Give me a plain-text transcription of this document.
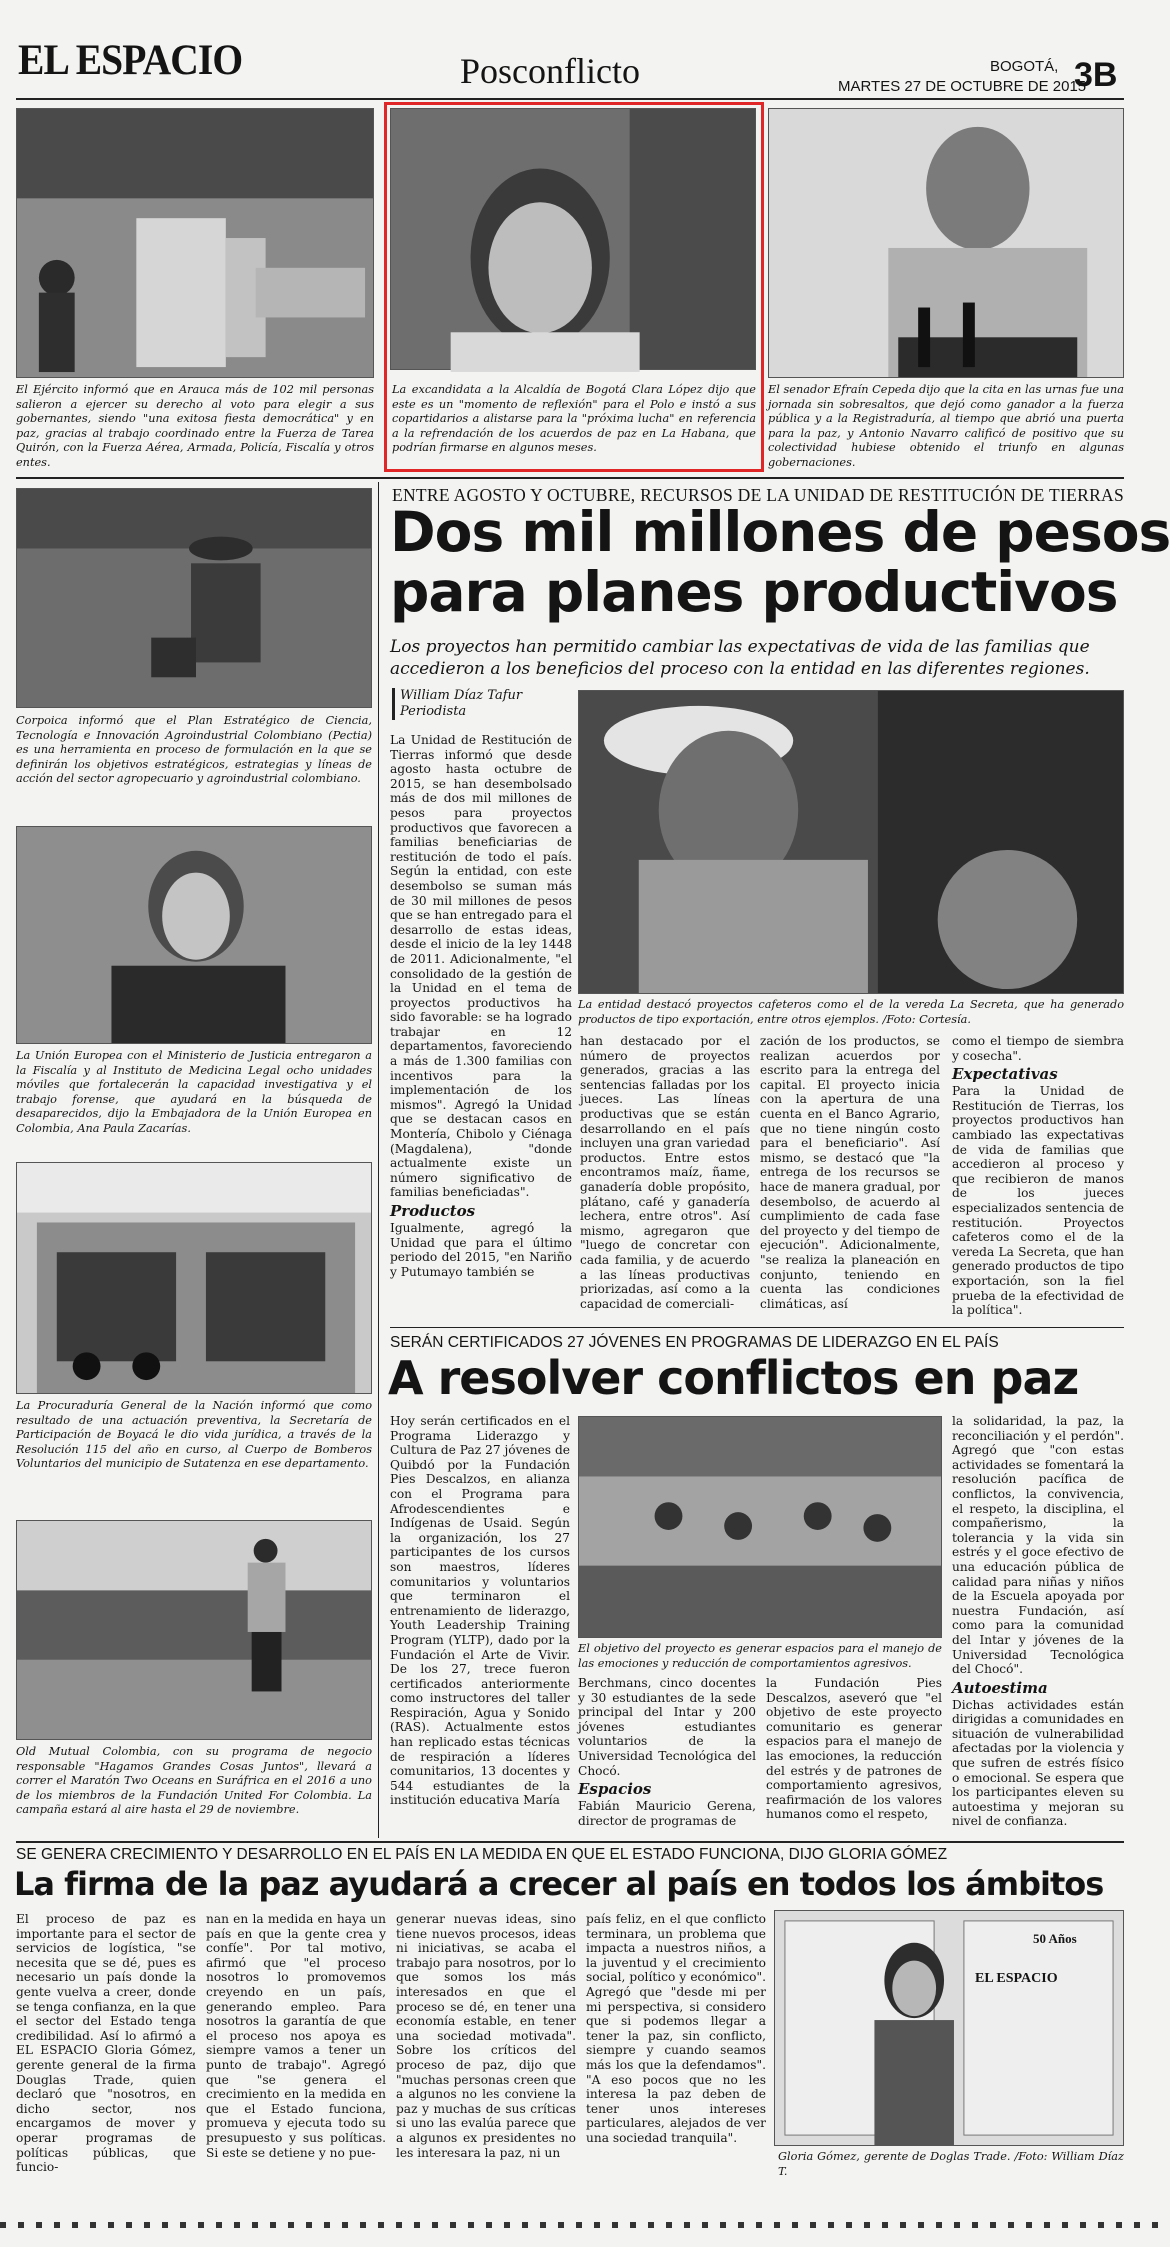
EL ESPACIO	Posconflicto	BOGOTÁ,
MARTES 27 DE OCTUBRE DE 2015
3B
El Ejército informó que en Arauca más de 102 mil personas salieron a ejercer su derecho al voto para elegir a sus gobernantes, siendo "una exitosa fiesta democrática" y en paz, gracias al trabajo coordinado entre la Fuerza de Tarea Quirón, con la Fuerza Aérea, Armada, Policía, Fiscalía y otros entes.
La excandidata a la Alcaldía de Bogotá Clara López dijo que este es un "momento de reflexión" para el Polo e instó a sus copartidarios a alistarse para la "próxima lucha" en referencia a la refrendación de los acuerdos de paz en La Habana, que podrían firmarse en algunos meses.
El senador Efraín Cepeda dijo que la cita en las urnas fue una jornada sin sobresaltos, que dejó como ganador a la fuerza pública y a la Registraduría, al tiempo que abrió una puerta para la paz, y Antonio Navarro calificó de positivo que su colectividad hubiese obtenido el triunfo en algunas gobernaciones.
Corpoica informó que el Plan Estratégico de Ciencia, Tecnología e Innovación Agroindustrial Colombiano (Pectia) es una herramienta en proceso de formulación en la que se definirán los objetivos estratégicos, estrategias y líneas de acción del sector agropecuario y agroindustrial colombiano.
La Unión Europea con el Ministerio de Justicia entregaron a la Fiscalía y al Instituto de Medicina Legal ocho unidades móviles que fortalecerán la capacidad investigativa y el trabajo forense, que ayudará en la búsqueda de desaparecidos, dijo la Embajadora de la Unión Europea en Colombia, Ana Paula Zacarías.
La Procuraduría General de la Nación informó que como resultado de una actuación preventiva, la Secretaría de Participación de Boyacá le dio vida jurídica, a través de la Resolución 115 del año en curso, al Cuerpo de Bomberos Voluntarios del municipio de Sutatenza en ese departamento.
Old Mutual Colombia, con su programa de negocio responsable "Hagamos Grandes Cosas Juntos", llevará a correr el Maratón Two Oceans en Suráfrica en el 2016 a uno de los miembros de la Fundación United For Colombia. La campaña estará al aire hasta el 29 de noviembre.
ENTRE AGOSTO Y OCTUBRE, RECURSOS DE LA UNIDAD DE RESTITUCIÓN DE TIERRAS
Dos mil millones de pesos
para planes productivos
Los proyectos han permitido cambiar las expectativas de vida de las familias que accedieron a los beneficios del proceso con la entidad en las diferentes regiones.
William Díaz Tafur
Periodista
La entidad destacó proyectos cafeteros como el de la vereda La Secreta, que ha generado productos de tipo exportación, entre otros ejemplos. /Foto: Cortesía.

La Unidad de Restitución de Tierras informó que desde agosto hasta octubre de 2015, se han desembolsado más de dos mil millones de pesos para proyectos productivos que favorecen a familias beneficiarias de restitución de todo el país. Según la entidad, con este desembolso se suman más de 30 mil millones de pesos que se han entregado para el desarrollo de estas ideas, desde el inicio de la ley 1448 de 2011. Adicionalmente, "el consolidado de la gestión de la Unidad en el tema de proyectos productivos ha sido favorable: se ha logrado trabajar en 12 departamentos, favoreciendo a más de 1.300 familias con incentivos para la implementación de los mismos". Agregó la Unidad que se destacan casos en Montería, Chibolo y Ciénaga (Magdalena), "donde actualmente existe un número significativo de familias beneficiadas".

Productos

Igualmente, agregó la Unidad que para el último periodo del 2015, "en Nariño y Putumayo también se

han destacado por el número de proyectos generados, gracias a las sentencias falladas por los jueces. Las líneas productivas que se están desarrollando en el país incluyen una gran variedad productos. Entre estos encontramos maíz, ñame, ganadería doble propósito, plátano, café y ganadería lechera, entre otros". Así mismo, agregaron que "luego de concretar con cada familia, y de acuerdo a las líneas productivas priorizadas, así como a la capacidad de comerciali-

zación de los productos, se realizan acuerdos por escrito para la entrega del capital. El proyecto inicia con la apertura de una cuenta en el Banco Agrario, que no tiene ningún costo para el beneficiario". Así mismo, se destacó que "la entrega de los recursos se hace de manera gradual, por desembolso, de acuerdo al cumplimiento de cada fase del proyecto y del tiempo de ejecución". Adicionalmente, "se realiza la planeación en conjunto, teniendo en cuenta las condiciones climáticas, así

como el tiempo de siembra y cosecha".

Expectativas

Para la Unidad de Restitución de Tierras, los proyectos productivos han cambiado las expectativas de vida de familias que accedieron al proceso y que recibieron de manos de los jueces especializados sentencia de restitución. Proyectos cafeteros como el de la vereda La Secreta, que han generado productos de tipo exportación, son la fiel prueba de la efectividad de la política".

SERÁN CERTIFICADOS 27 JÓVENES EN PROGRAMAS DE LIDERAZGO EN EL PAÍS
A resolver conflictos en paz
El objetivo del proyecto es generar espacios para el manejo de las emociones y reducción de comportamientos agresivos.

Hoy serán certificados en el Programa Liderazgo y Cultura de Paz 27 jóvenes de Quibdó por la Fundación Pies Descalzos, en alianza con el Programa para Afrodescendientes e Indígenas de Usaid. Según la organización, los 27 participantes de los cursos son maestros, líderes comunitarios y voluntarios que terminaron el entrenamiento de liderazgo, Youth Leadership Training Program (YLTP), dado por la Fundación el Arte de Vivir. De los 27, trece fueron certificados anteriormente como instructores del taller Respiración, Agua y Sonido (RAS). Actualmente estos han replicado estas técnicas de respiración a líderes comunitarios, 13 docentes y 544 estudiantes de la institución educativa María

Berchmans, cinco docentes y 30 estudiantes de la sede principal del Intar y 200 jóvenes estudiantes voluntarios de la Universidad Tecnológica del Chocó.

Espacios

Fabián Mauricio Gerena, director de programas de

la Fundación Pies Descalzos, aseveró que "el objetivo de este proyecto comunitario es generar espacios para el manejo de las emociones, la reducción del estrés y de patrones de comportamiento agresivos, reafirmación de los valores humanos como el respeto,

la solidaridad, la paz, la reconciliación y el perdón". Agregó que "con estas actividades se fomentará la resolución pacífica de conflictos, la convivencia, el respeto, la disciplina, el compañerismo, la tolerancia y la vida sin estrés y el goce efectivo de una educación pública de calidad para niñas y niños de la Escuela apoyada por nuestra Fundación, así como para la comunidad del Intar y jóvenes de la Universidad Tecnológica del Chocó".

Autoestima

Dichas actividades están dirigidas a comunidades en situación de vulnerabilidad afectadas por la violencia y que sufren de estrés físico o emocional. Se espera que los participantes eleven su autoestima y mejoran su nivel de confianza.

SE GENERA CRECIMIENTO Y DESARROLLO EN EL PAÍS EN LA MEDIDA EN QUE EL ESTADO FUNCIONA, DIJO GLORIA GÓMEZ
La firma de la paz ayudará a crecer al país en todos los ámbitos

El proceso de paz es importante para el sector de servicios de logística, "se necesita que se dé, pues es necesario un país donde la gente vuelva a creer, donde se tenga confianza, en la que el sector del Estado tenga credibilidad. Así lo afirmó a EL ESPACIO Gloria Gómez, gerente general de la firma Douglas Trade, quien declaró que "nosotros, en dicho sector, nos encargamos de mover y operar programas de políticas públicas, que funcio-

nan en la medida en haya un país en que la gente crea y confíe". Por tal motivo, afirmó que "el proceso nosotros lo promovemos creyendo en un país, generando empleo. Para nosotros la garantía de que el proceso nos apoya es siempre vamos a tener un punto de trabajo". Agregó que "se genera el crecimiento en la medida en que el Estado funciona, promueva y ejecuta todo su presupuesto y sus políticas. Si este se detiene y no pue-

generar nuevas ideas, sino tiene nuevos procesos, ideas ni iniciativas, se acaba el trabajo para nosotros, por lo que somos los más interesados en que el proceso se dé, en tener una economía estable, en tener una sociedad motivada". Sobre los críticos del proceso de paz, dijo que "muchas personas creen que a algunos no les conviene la paz y muchas de sus críticas si uno las evalúa parece que a algunos ex presidentes no les interesara la paz, ni un

país feliz, en el que conflicto terminara, un problema que impacta a nuestros niños, a la juventud y el crecimiento social, político y económico". Agregó que "desde mi per mi perspectiva, si considero que si podemos llegar a tener la paz, sin conflicto, siempre y cuando seamos más los que la defendamos". "A eso pocos que no les interesa la paz deben de tener unos intereses particulares, alejados de ver una sociedad tranquila".

EL ESPACIO
50 Años
Gloria Gómez, gerente de Doglas Trade. /Foto: William Díaz T.
